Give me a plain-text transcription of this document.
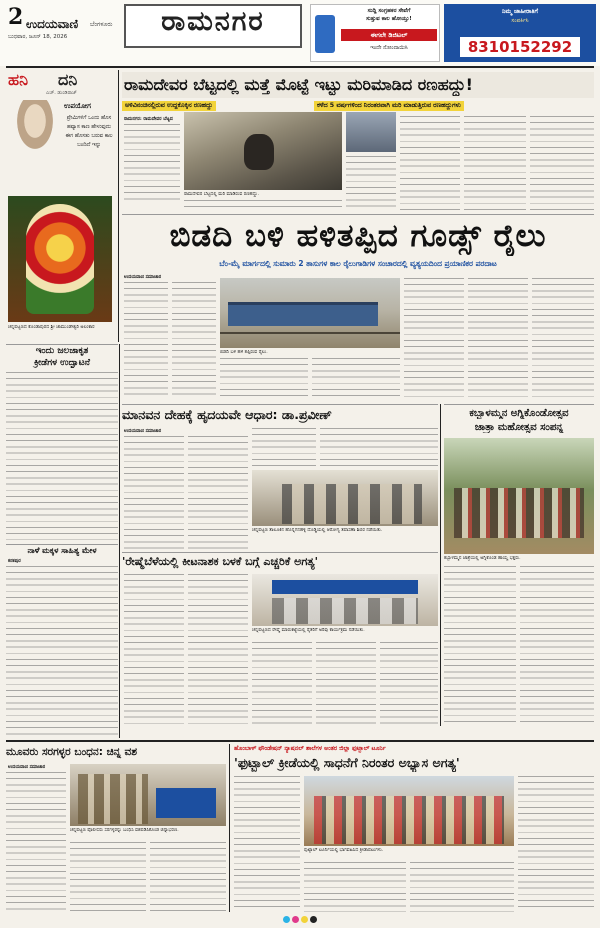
2 ಉದಯವಾಣಿ ಬೆಂಗಳೂರು
ಬುಧವಾರ, ಜೂನ್ 18, 2026	ರಾಮನಗರ	ಸುದ್ದಿ ಸಂಗ್ರಹಕರ ಸೇವೆಗೆ
ಸುತ್ತುವ ಕಾಲ ಹೋಯ್ತು!
ಈಗಲೇ ಡಿಜಿಟಲ್
ಇಂದೇ ನೋಂದಾಯಿಸಿ
ನಿಮ್ಮ ಜಾಹೀರಾತಿಗೆ
ಸಂಪರ್ಕಿಸಿ
8310152292
ಹನಿ ದನಿ
ಎಚ್. ಡುಂಡಿರಾಜ್
ಉಪಯೋಗ
ಪ್ರೇಮಿಗಳಿಗೆ ಒಂದು ಹೊಸ ಹವ್ಯಾಸ ಕಾಣ ಹೇಳುವುದು ಈಗ ಹೊಸತು ಬರುವ ಕಾಲ ಬಂದಿದೆ ಇನ್ನು
ಚನ್ನಪಟ್ಟಣದ ಕೊಂಡಾಪುರದ ಶ್ರೀ ಚಾಮುಂಡೇಶ್ವರಿ ಅಲಂಕಾರ
ರಾಮದೇವರ ಬೆಟ್ಟದಲ್ಲಿ ಮತ್ತೆ ಮೊಟ್ಟೆ ಇಟ್ಟು ಮರಿಮಾಡಿದ ರಣಹದ್ದು!
ಅಳಿವಿನಂಚಿನಲ್ಲಿರುವ ಉದ್ದಕೊಕ್ಕಿನ ರಣಹದ್ದು	ಕಳೆದ 5 ವರ್ಷಗಳಿಂದ ನಿರಂತರವಾಗಿ ಮರಿ ಮಾಡುತ್ತಿರುವ ರಣಹದ್ದುಗಳು
ರಾಮನಗರ: ರಾಮದೇವರ ಬೆಟ್ಟದ
ರಾಮದೇವರ ಬೆಟ್ಟದಲ್ಲಿ ಮರಿ ಮಾಡಿರುವ ರಣಹದ್ದು.
ಬಿಡದಿ ಬಳಿ ಹಳಿತಪ್ಪಿದ ಗೂಡ್ಸ್ ರೈಲು
ಬೆಂ-ಮೈ ಮಾರ್ಗದಲ್ಲಿ ಸುಮಾರು 2 ತಾಸುಗಳ ಕಾಲ ರೈಲುಗಾಡಿಗಳ ಸಂಚಾರದಲ್ಲಿ ವ್ಯತ್ಯಯದಿಂದ ಪ್ರಯಾಣಿಕರ ಪರದಾಟ
ಉದಯವಾಣಿ ಸಮಾಚಾರ
ಬಿಡದಿ ಬಳಿ ಹಳಿ ತಪ್ಪಿರುವ ರೈಲು.
ಇಂದು ಜಲಜಾಕೃತ
ಕ್ರೀಡೆಗಳ ಉದ್ಘಾಟನೆ
ನಾಳೆ ಮಕ್ಕಳ ಸಾಹಿತ್ಯ ಮೇಳ
ಕನಕಪುರ
ಮಾನವನ ದೇಹಕ್ಕೆ ಹೃದಯವೇ ಆಧಾರ: ಡಾ.ಪ್ರವೀಣ್
ಉದಯವಾಣಿ ಸಮಾಚಾರ
ಚನ್ನಪಟ್ಟಣ ತಾಲೂಕಿನ ಹೊನ್ನಗನಹಳ್ಳಿ ದೊಡ್ಡಿಯಲ್ಲಿ ಆರೋಗ್ಯ ತಪಾಸಣಾ ಶಿಬಿರ ನಡೆಯಿತು.
ಕಬ್ಬಾಳಮ್ಮನ ಅಗ್ನಿಕೊಂಡೋತ್ಸವ
ಜಾತ್ರಾ ಮಹೋತ್ಸವ ಸಂಪನ್ನ
ಕಬ್ಬಾಳಮ್ಮನ ಜಾತ್ರೆಯಲ್ಲಿ ಅಗ್ನಿಕೊಂಡ ಹಾಯ್ದ ಭಕ್ತರು.
'ರೇಷ್ಮೆಬೆಳೆಯಲ್ಲಿ ಕೀಟನಾಶಕ ಬಳಕೆ ಬಗ್ಗೆ ಎಚ್ಚರಿಕೆ ಅಗತ್ಯ'
ಚನ್ನಪಟ್ಟಣದ ರೇಷ್ಮೆ ಮಾರುಕಟ್ಟೆಯಲ್ಲಿ ರೈತರಿಗೆ ಅರಿವು ಕಾರ್ಯಕ್ರಮ ನಡೆಯಿತು.
ಮೂವರು ಸರಗಳ್ಳರ ಬಂಧನ: ಚಿನ್ನ ವಶ
ಉದಯವಾಣಿ ಸಮಾಚಾರ
ಚನ್ನಪಟ್ಟಣ ಪೊಲೀಸರು ಸರಗಳ್ಳರನ್ನು ಬಂಧಿಸಿ ವಶಪಡಿಸಿಕೊಂಡ ಚಿನ್ನಾಭರಣ.
ಹೊಂಬಾಳ್ ಫೌಂಡೇಷನ್ ನ್ಯಾಷನಲ್ ಶಾಲೆಗಳ ಅಂತರ ಜಿಲ್ಲಾ ಫುಟ್ಬಾಲ್ ಟೂರ್ನಿ
'ಫುಟ್ಬಾಲ್ ಕ್ರೀಡೆಯಲ್ಲಿ ಸಾಧನೆಗೆ ನಿರಂತರ ಅಭ್ಯಾಸ ಅಗತ್ಯ'
ಫುಟ್ಬಾಲ್ ಟೂರ್ನಿಯಲ್ಲಿ ಭಾಗವಹಿಸಿದ ಕ್ರೀಡಾಪಟುಗಳು.
